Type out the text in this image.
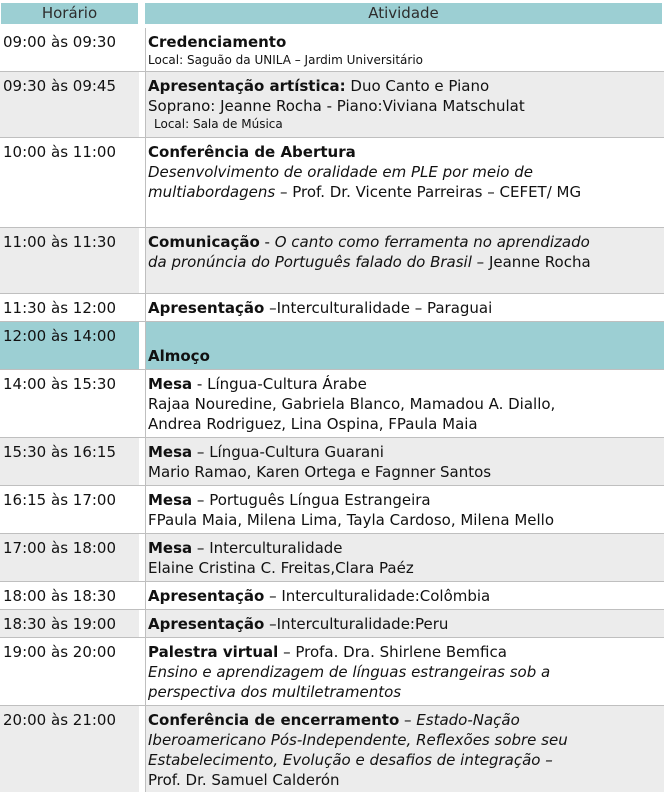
Horário	Atividade
09:00 às 09:30	Credenciamento
Local: Saguão da UNILA – Jardim Universitário
09:30 às 09:45	Apresentação artística: Duo Canto e Piano
Soprano: Jeanne Rocha - Piano:Viviana Matschulat
Local: Sala de Música
10:00 às 11:00	Conferência de Abertura
Desenvolvimento de oralidade em PLE por meio de
multiabordagens – Prof. Dr. Vicente Parreiras – CEFET/ MG
11:00 às 11:30	Comunicação - O canto como ferramenta no aprendizado
da pronúncia do Português falado do Brasil – Jeanne Rocha
11:30 às 12:00	Apresentação –Interculturalidade – Paraguai
12:00 às 14:00
Almoço
14:00 às 15:30	Mesa - Língua-Cultura Árabe
Rajaa Nouredine, Gabriela Blanco, Mamadou A. Diallo,
Andrea Rodriguez, Lina Ospina, FPaula Maia
15:30 às 16:15	Mesa – Língua-Cultura Guarani
Mario Ramao, Karen Ortega e Fagnner Santos
16:15 às 17:00	Mesa – Português Língua Estrangeira
FPaula Maia, Milena Lima, Tayla Cardoso, Milena Mello
17:00 às 18:00	Mesa – Interculturalidade
Elaine Cristina C. Freitas,Clara Paéz
18:00 às 18:30	Apresentação – Interculturalidade:Colômbia
18:30 às 19:00	Apresentação –Interculturalidade:Peru
19:00 às 20:00	Palestra virtual – Profa. Dra. Shirlene Bemfica
Ensino e aprendizagem de línguas estrangeiras sob a
perspectiva dos multiletramentos
20:00 às 21:00	Conferência de encerramento – Estado-Nação
Iberoamericano Pós-Independente, Reflexões sobre seu
Estabelecimento, Evolução e desafios de integração –
Prof. Dr. Samuel Calderón
